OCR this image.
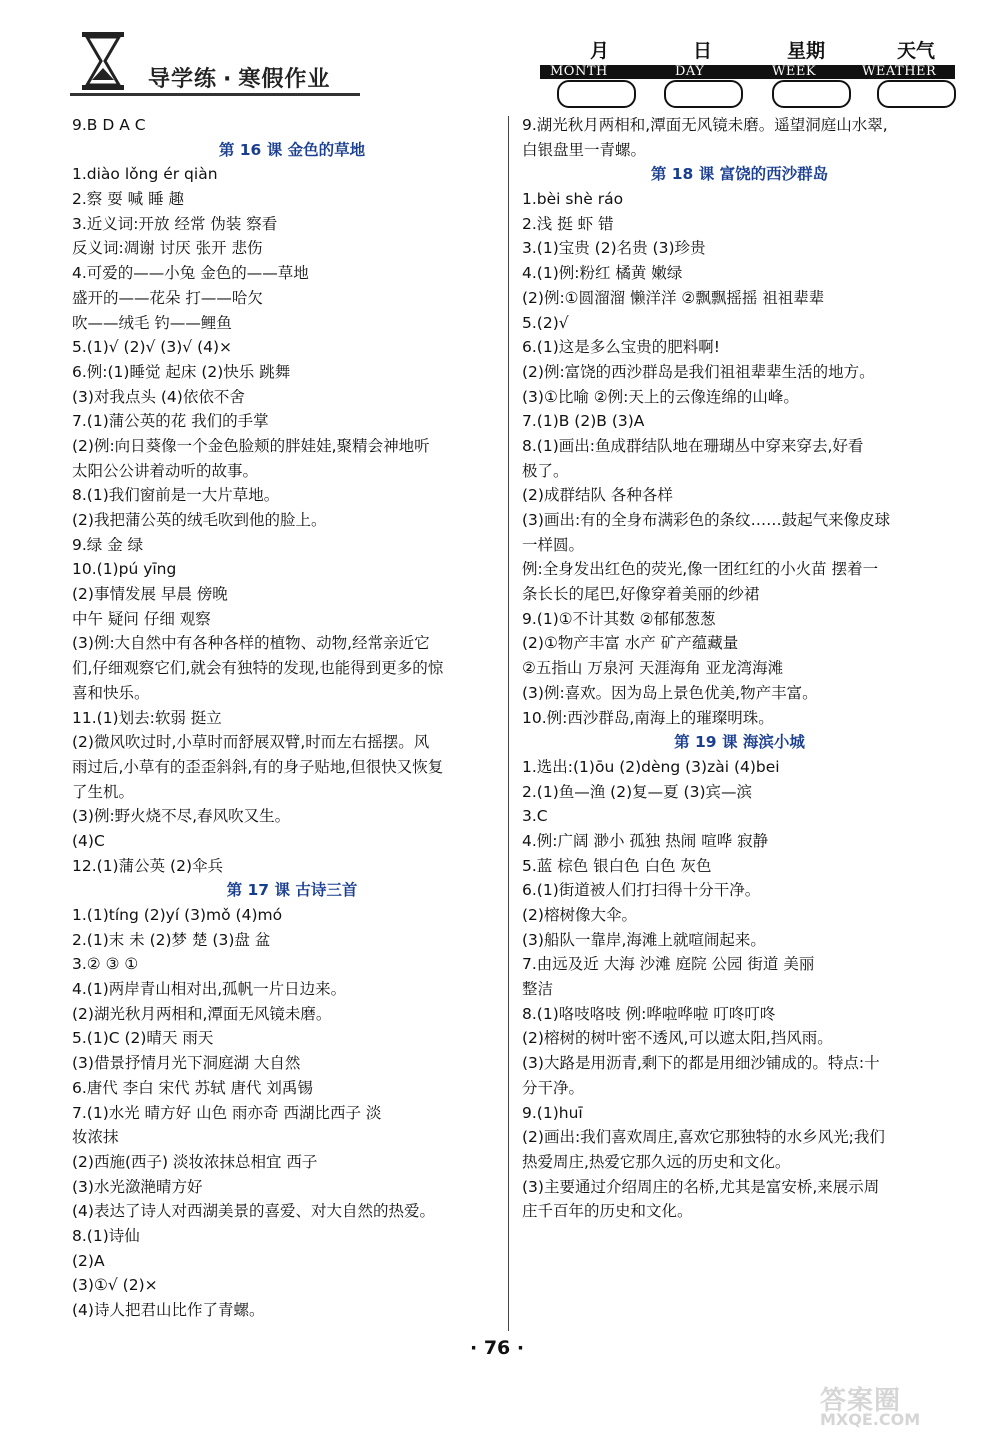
导学练 · 寒假作业
月	日	星期	天气
MONTH	DAY	WEEK	WEATHER
9.B D A C
第 16 课 金色的草地
1.diào lǒng ér qiàn
2.察 耍 喊 睡 趣
3.近义词:开放 经常 伪装 察看
反义词:凋谢 讨厌 张开 悲伤
4.可爱的——小兔 金色的——草地
盛开的——花朵 打——哈欠
吹——绒毛 钓——鲤鱼
5.(1)√ (2)√ (3)√ (4)×
6.例:(1)睡觉 起床 (2)快乐 跳舞
(3)对我点头 (4)依依不舍
7.(1)蒲公英的花 我们的手掌
(2)例:向日葵像一个金色脸颊的胖娃娃,聚精会神地听
太阳公公讲着动听的故事。
8.(1)我们窗前是一大片草地。
(2)我把蒲公英的绒毛吹到他的脸上。
9.绿 金 绿
10.(1)pú yīng
(2)事情发展 早晨 傍晚
中午 疑问 仔细 观察
(3)例:大自然中有各种各样的植物、动物,经常亲近它
们,仔细观察它们,就会有独特的发现,也能得到更多的惊
喜和快乐。
11.(1)划去:软弱 挺立
(2)微风吹过时,小草时而舒展双臂,时而左右摇摆。风
雨过后,小草有的歪歪斜斜,有的身子贴地,但很快又恢复
了生机。
(3)例:野火烧不尽,春风吹又生。
(4)C
12.(1)蒲公英 (2)伞兵
第 17 课 古诗三首
1.(1)tíng (2)yí (3)mǒ (4)mó
2.(1)末 未 (2)梦 楚 (3)盘 盆
3.② ③ ①
4.(1)两岸青山相对出,孤帆一片日边来。
(2)湖光秋月两相和,潭面无风镜未磨。
5.(1)C (2)晴天 雨天
(3)借景抒情月光下洞庭湖 大自然
6.唐代 李白 宋代 苏轼 唐代 刘禹锡
7.(1)水光 晴方好 山色 雨亦奇 西湖比西子 淡
妆浓抹
(2)西施(西子) 淡妆浓抹总相宜 西子
(3)水光潋滟晴方好
(4)表达了诗人对西湖美景的喜爱、对大自然的热爱。
8.(1)诗仙
(2)A
(3)①√ (2)×
(4)诗人把君山比作了青螺。
9.湖光秋月两相和,潭面无风镜未磨。遥望洞庭山水翠,
白银盘里一青螺。
第 18 课 富饶的西沙群岛
1.bèi shè ráo
2.浅 挺 虾 错
3.(1)宝贵 (2)名贵 (3)珍贵
4.(1)例:粉红 橘黄 嫩绿
(2)例:①圆溜溜 懒洋洋 ②飘飘摇摇 祖祖辈辈
5.(2)√
6.(1)这是多么宝贵的肥料啊!
(2)例:富饶的西沙群岛是我们祖祖辈辈生活的地方。
(3)①比喻 ②例:天上的云像连绵的山峰。
7.(1)B (2)B (3)A
8.(1)画出:鱼成群结队地在珊瑚丛中穿来穿去,好看
极了。
(2)成群结队 各种各样
(3)画出:有的全身布满彩色的条纹……鼓起气来像皮球
一样圆。
例:全身发出红色的荧光,像一团红红的小火苗 摆着一
条长长的尾巴,好像穿着美丽的纱裙
9.(1)①不计其数 ②郁郁葱葱
(2)①物产丰富 水产 矿产蕴藏量
②五指山 万泉河 天涯海角 亚龙湾海滩
(3)例:喜欢。因为岛上景色优美,物产丰富。
10.例:西沙群岛,南海上的璀璨明珠。
第 19 课 海滨小城
1.选出:(1)ōu (2)dèng (3)zài (4)bei
2.(1)鱼—渔 (2)复—夏 (3)宾—滨
3.C
4.例:广阔 渺小 孤独 热闹 喧哗 寂静
5.蓝 棕色 银白色 白色 灰色
6.(1)街道被人们打扫得十分干净。
(2)榕树像大伞。
(3)船队一靠岸,海滩上就喧闹起来。
7.由远及近 大海 沙滩 庭院 公园 街道 美丽
整洁
8.(1)咯吱咯吱 例:哗啦哗啦 叮咚叮咚
(2)榕树的树叶密不透风,可以遮太阳,挡风雨。
(3)大路是用沥青,剩下的都是用细沙铺成的。特点:十
分干净。
9.(1)huī
(2)画出:我们喜欢周庄,喜欢它那独特的水乡风光;我们
热爱周庄,热爱它那久远的历史和文化。
(3)主要通过介绍周庄的名桥,尤其是富安桥,来展示周
庄千百年的历史和文化。
· 76 ·
答案圈
MXQE.COM
